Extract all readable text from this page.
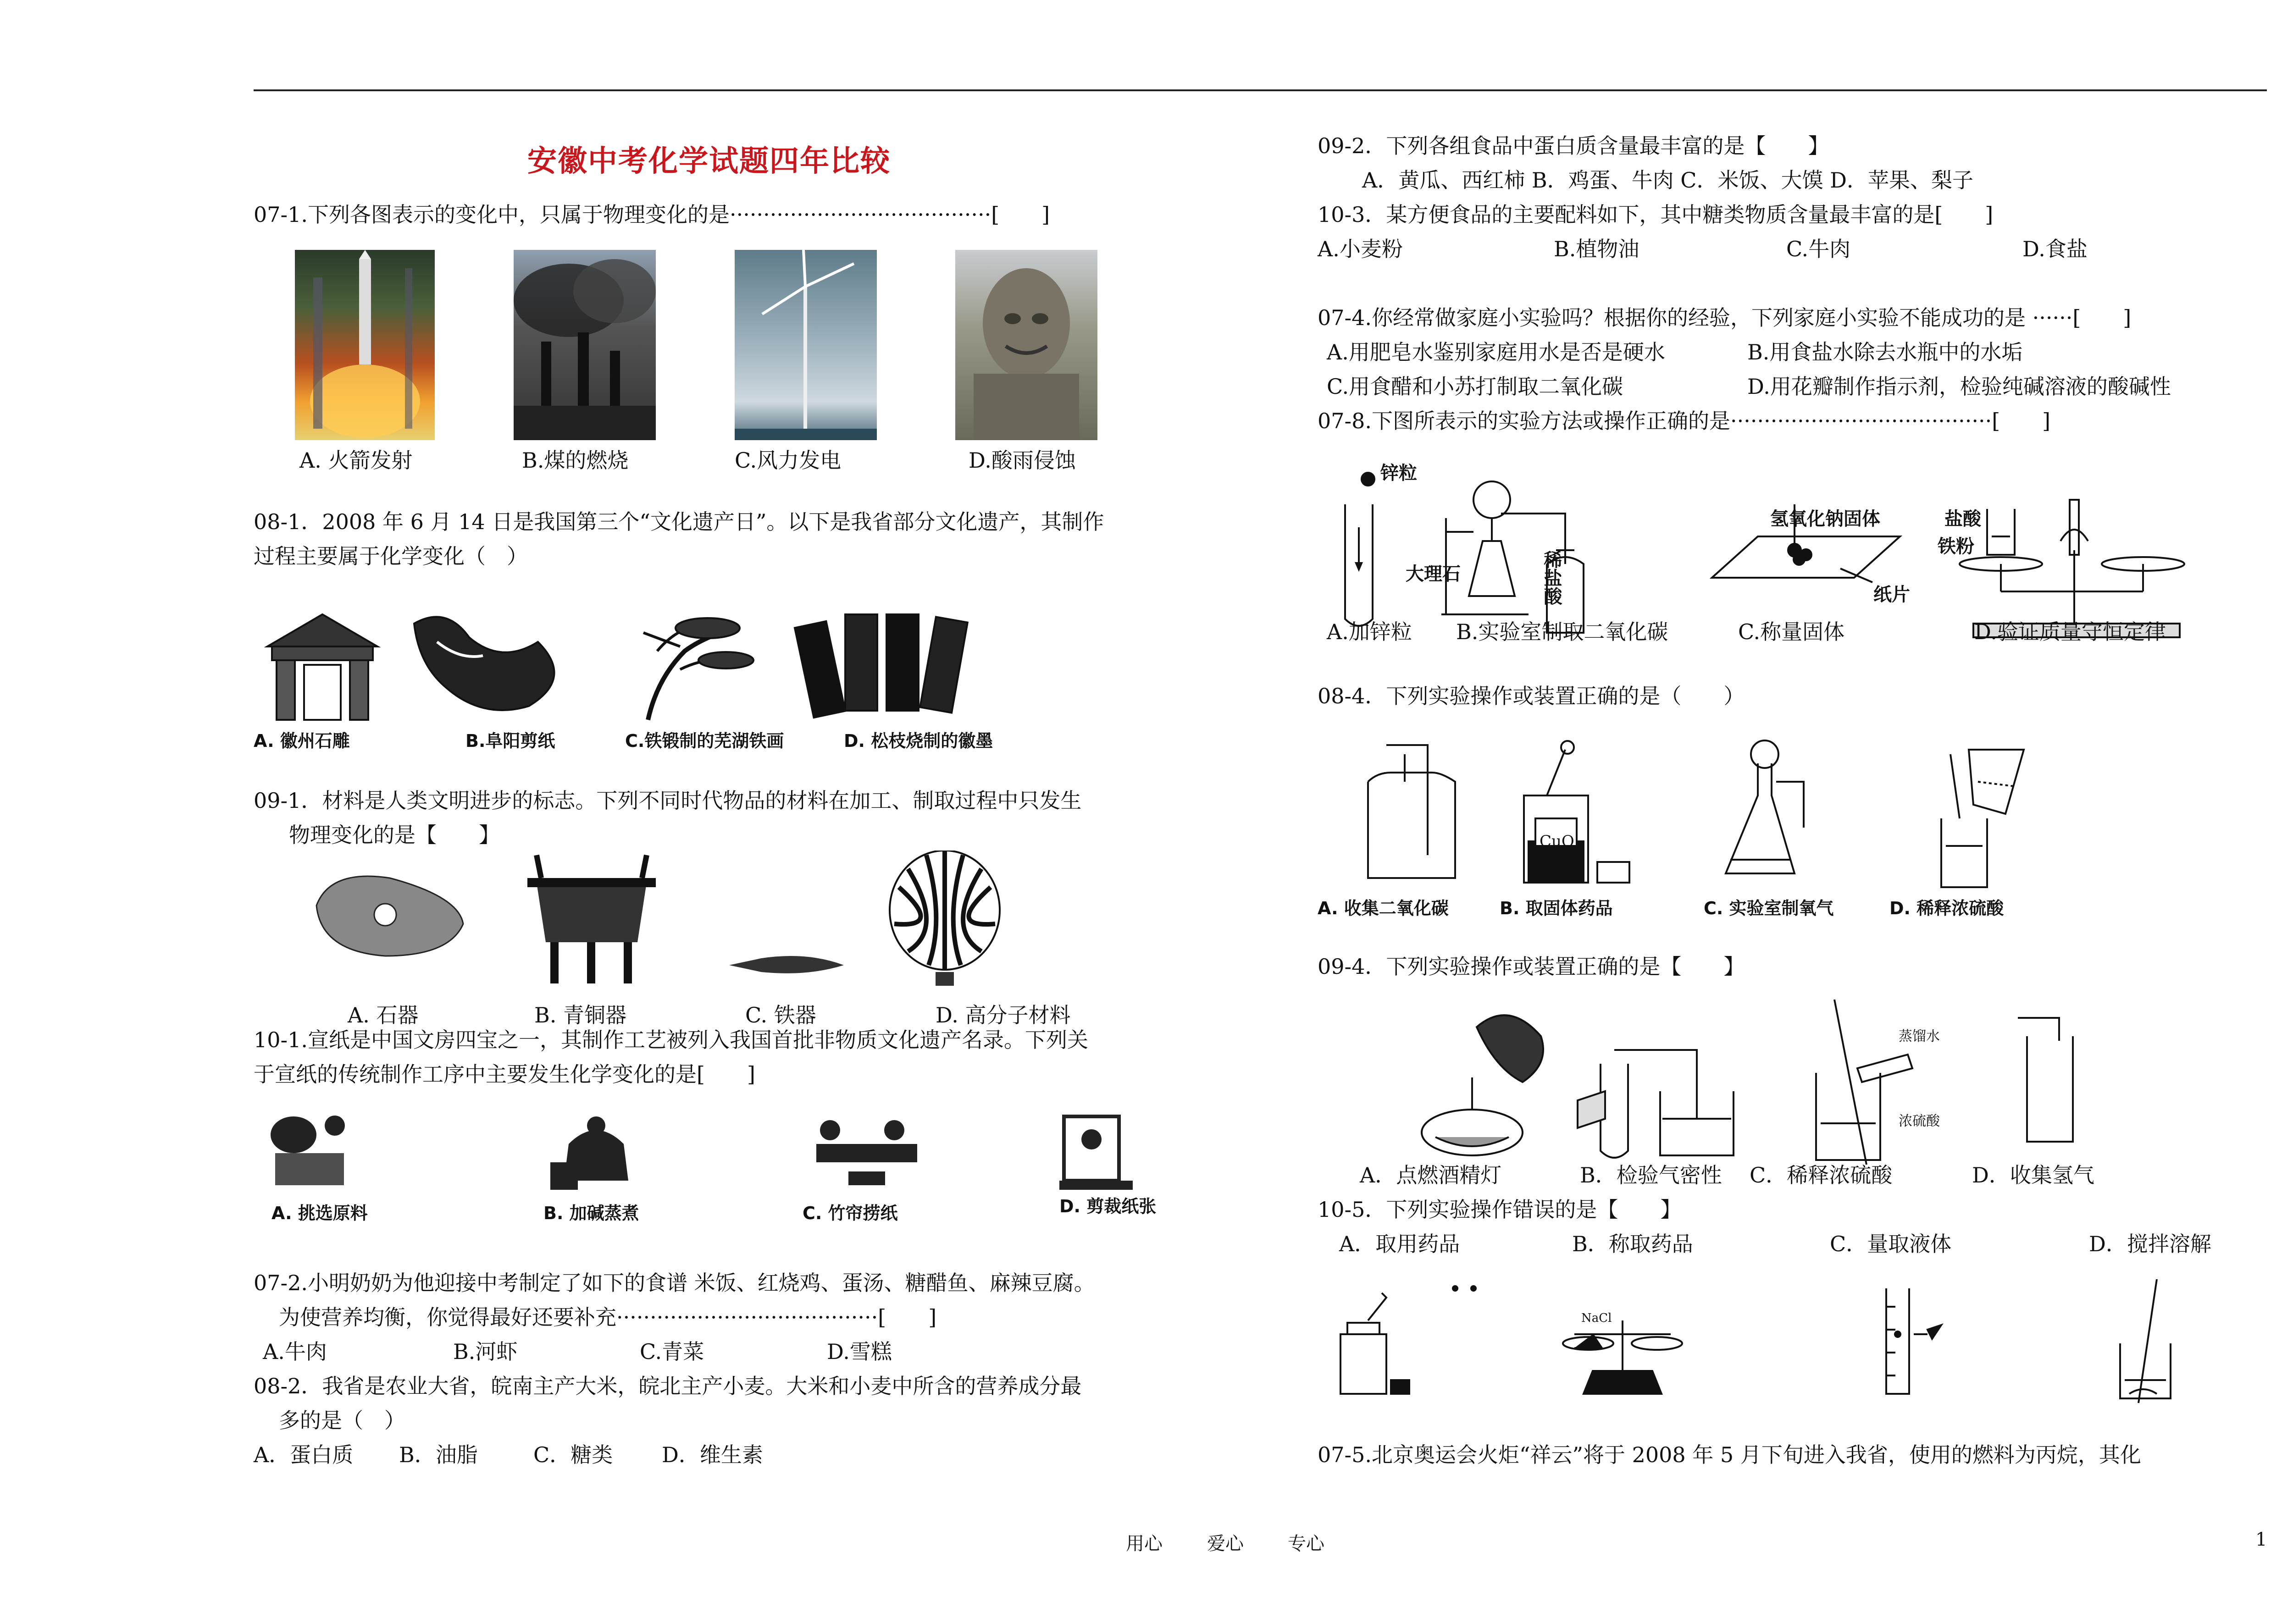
安徽中考化学试题四年比较
07-1.下列各图表示的变化中，只属于物理变化的是·······································[　　]
A. 火箭发射	B.煤的燃烧	C.风力发电	D.酸雨侵蚀
08-1．2008 年 6 月 14 日是我国第三个“文化遗产日”。以下是我省部分文化遗产，其制作
过程主要属于化学变化（　）
A. 徽州石雕	B.阜阳剪纸	C.铁锻制的芜湖铁画	D. 松枝烧制的徽墨
09-1．材料是人类文明进步的标志。下列不同时代物品的材料在加工、制取过程中只发生
物理变化的是【　　】
A. 石器	B. 青铜器	C. 铁器	D. 高分子材料
10-1.宣纸是中国文房四宝之一，其制作工艺被列入我国首批非物质文化遗产名录。下列关
于宣纸的传统制作工序中主要发生化学变化的是[　　]
A. 挑选原料	B. 加碱蒸煮	C. 竹帘捞纸	D. 剪裁纸张
07-2.小明奶奶为他迎接中考制定了如下的食谱 米饭、红烧鸡、蛋汤、糖醋鱼、麻辣豆腐。
为使营养均衡，你觉得最好还要补充·······································[　　]
A.牛肉	B.河虾	C.青菜	D.雪糕
08-2．我省是农业大省，皖南主产大米，皖北主产小麦。大米和小麦中所含的营养成分最
多的是（　）
A．蛋白质 B．油脂	C．糖类 D．维生素
09-2．下列各组食品中蛋白质含量最丰富的是【　　】
A．黄瓜、西红柿 B．鸡蛋、牛肉 C．米饭、大馍 D．苹果、梨子
10-3．某方便食品的主要配料如下，其中糖类物质含量最丰富的是[　　]
A.小麦粉	B.植物油	C.牛肉	D.食盐
07-4.你经常做家庭小实验吗？根据你的经验，下列家庭小实验不能成功的是 ······[　　]
A.用肥皂水鉴别家庭用水是否是硬水	B.用食盐水除去水瓶中的水垢
C.用食醋和小苏打制取二氧化碳	D.用花瓣制作指示剂，检验纯碱溶液的酸碱性
07-8.下图所表示的实验方法或操作正确的是·······································[　　]
锌粒
大理石	稀盐酸
氢氧化钠固体
纸片
盐酸
铁粉
A.加锌粒 B.实验室制取二氧化碳	C.称量固体	D.验证质量守恒定律
08-4．下列实验操作或装置正确的是（　　）
CuO
A. 收集二氧化碳	B. 取固体药品	C. 实验室制氧气	D. 稀释浓硫酸
09-4．下列实验操作或装置正确的是【　　】
蒸馏水
浓硫酸
A．点燃酒精灯	B．检验气密性 C．稀释浓硫酸	D．收集氢气
10-5．下列实验操作错误的是【　　】
A．取用药品	B．称取药品	C．量取液体	D．搅拌溶解
NaCl
07-5.北京奥运会火炬“祥云”将于 2008 年 5 月下旬进入我省，使用的燃料为丙烷，其化
用心 爱心 专心	1
